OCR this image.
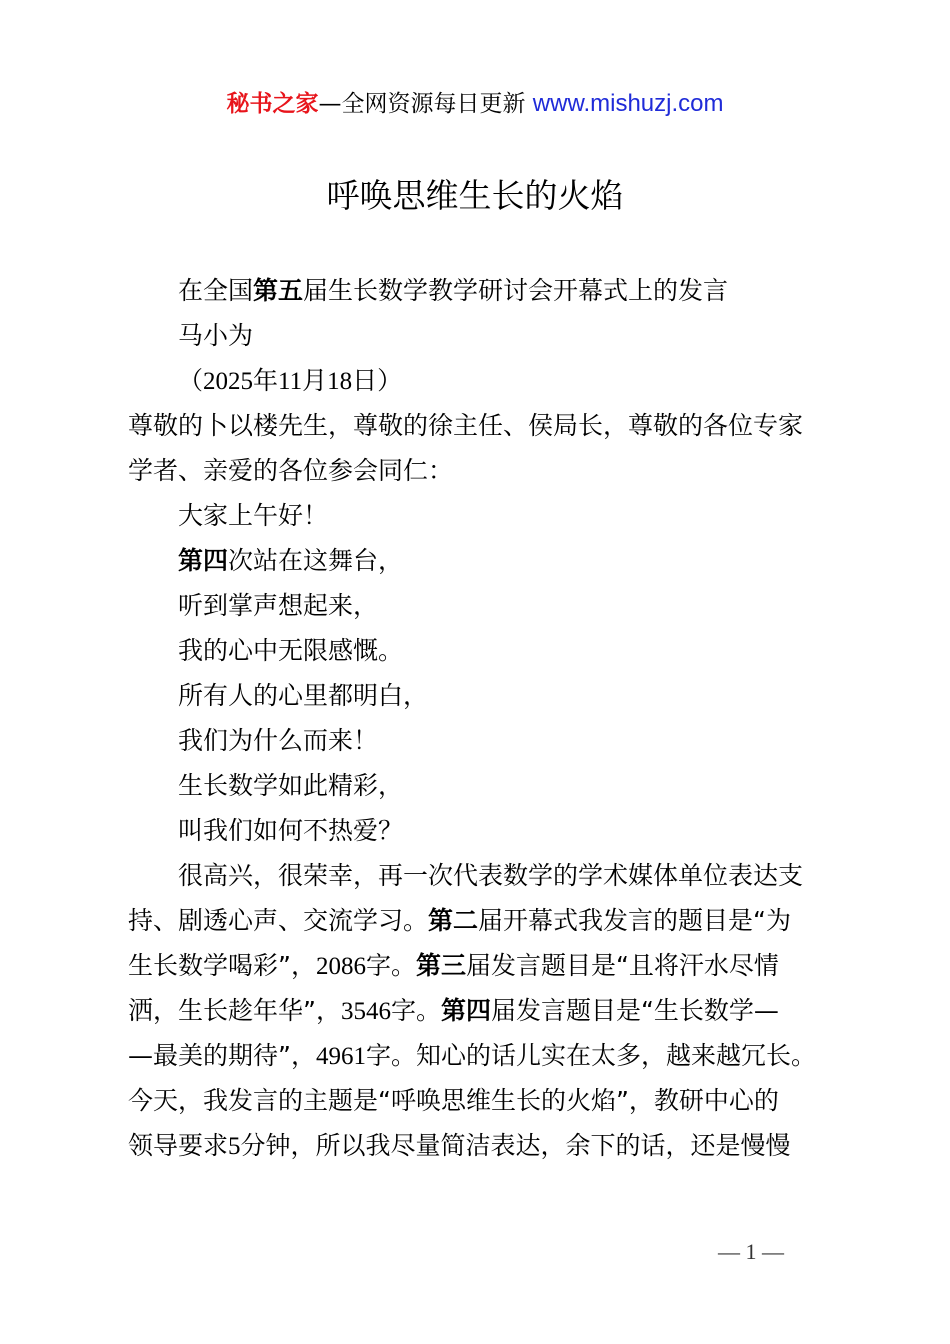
秘书之家—全网资源每日更新 www.mishuzj.com
呼唤思维生长的火焰
在全国第五届生长数学教学研讨会开幕式上的发言
马小为
（2025年11月18日）
尊敬的卜以楼先生，尊敬的徐主任、侯局长，尊敬的各位专家
学者、亲爱的各位参会同仁：
大家上午好！
第四次站在这舞台，
听到掌声想起来，
我的心中无限感慨。
所有人的心里都明白，
我们为什么而来！
生长数学如此精彩，
叫我们如何不热爱？
很高兴，很荣幸，再一次代表数学的学术媒体单位表达支
持、剧透心声、交流学习。第二届开幕式我发言的题目是“为
生长数学喝彩”，2086字。第三届发言题目是“且将汗水尽情
洒，生长趁年华”，3546字。第四届发言题目是“生长数学—
—最美的期待”，4961字。知心的话儿实在太多，越来越冗长。
今天，我发言的主题是“呼唤思维生长的火焰”，教研中心的
领导要求5分钟，所以我尽量简洁表达，余下的话，还是慢慢
— 1 —
